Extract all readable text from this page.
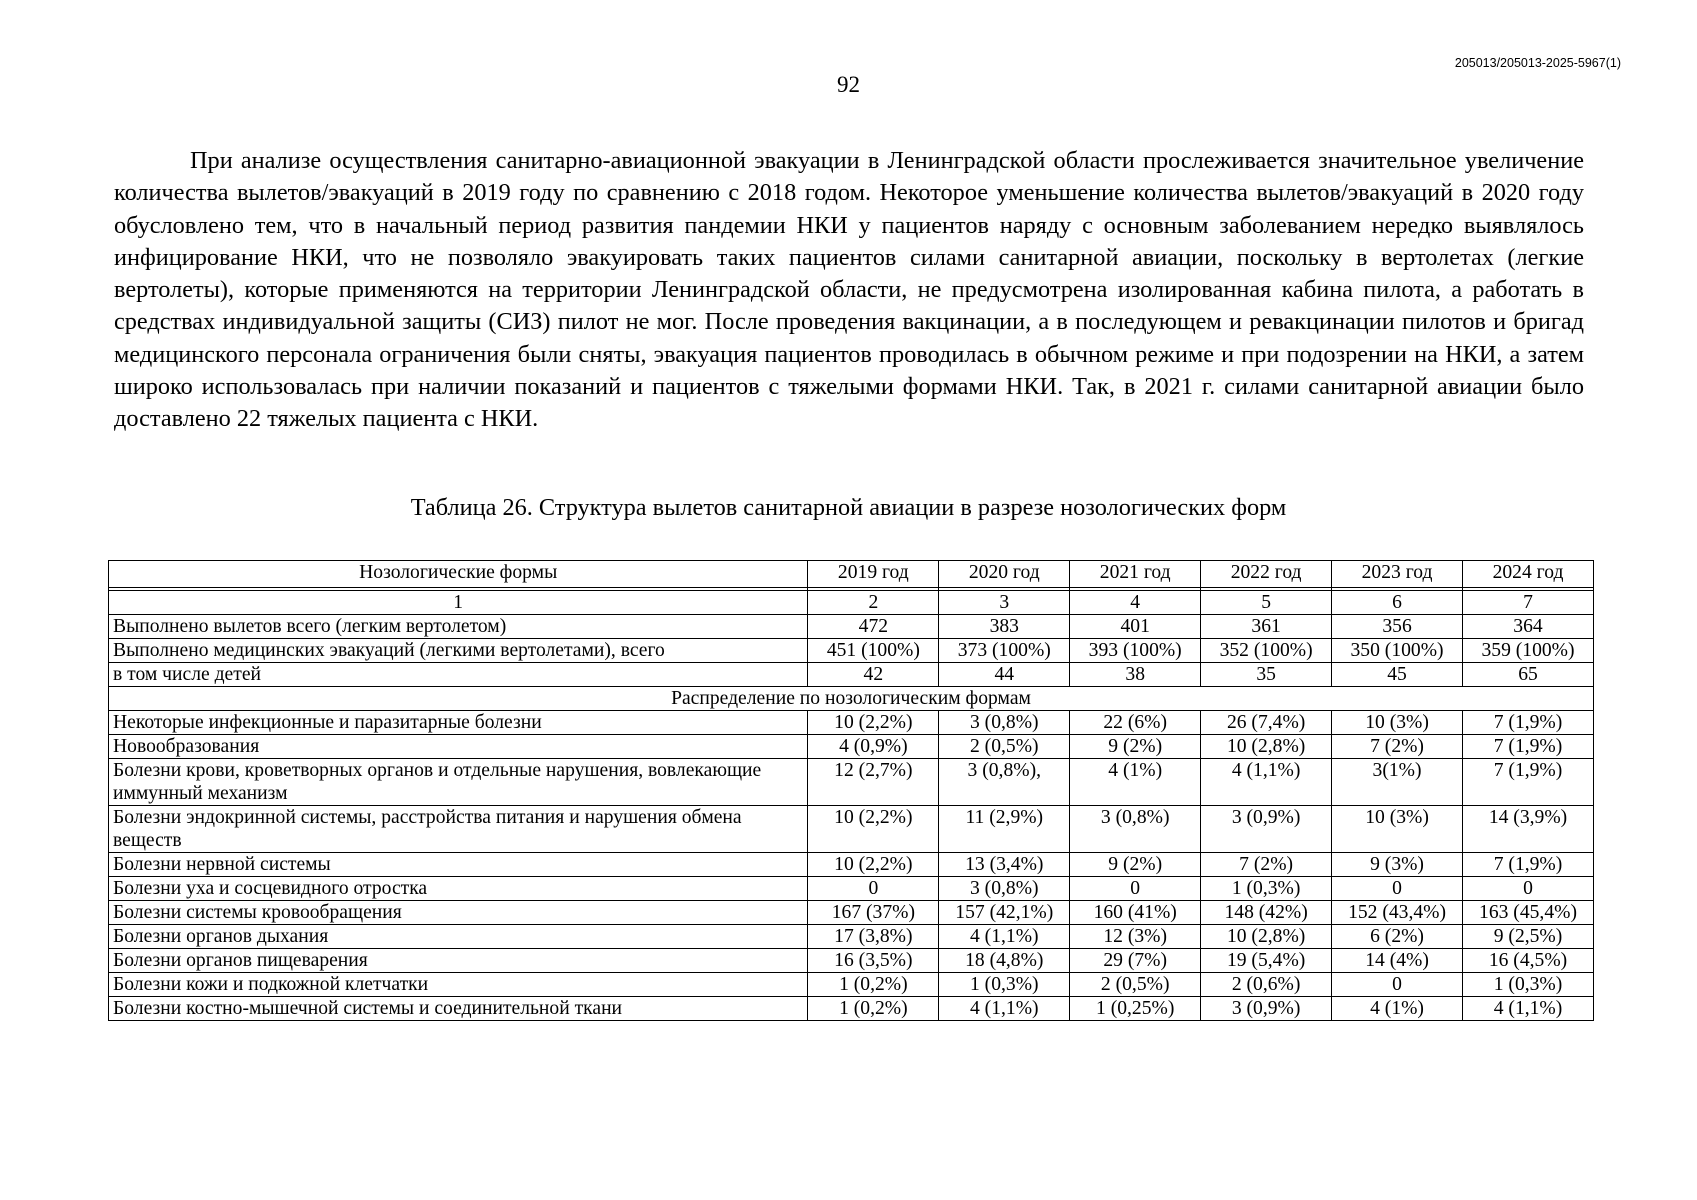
205013/205013-2025-5967(1)
92

При анализе осуществления санитарно-авиационной эвакуации в Ленинградской области прослеживается значительное увеличение количества вылетов/эвакуаций в 2019 году по сравнению с 2018 годом. Некоторое уменьшение количества вылетов/эвакуаций в 2020 году обусловлено тем, что в начальный период развития пандемии НКИ у пациентов наряду с основным заболеванием нередко выявлялось инфицирование НКИ, что не позволяло эвакуировать таких пациентов силами санитарной авиации, поскольку в вертолетах (легкие вертолеты), которые применяются на территории Ленинградской области, не предусмотрена изолированная кабина пилота, а работать в средствах индивидуальной защиты (СИЗ) пилот не мог. После проведения вакцинации, а в последующем и ревакцинации пилотов и бригад медицинского персонала ограничения были сняты, эвакуация пациентов проводилась в обычном режиме и при подозрении на НКИ, а затем широко использовалась при наличии показаний и пациентов с тяжелыми формами НКИ. Так, в 2021 г. силами санитарной авиации было доставлено 22 тяжелых пациента с НКИ.

Таблица 26. Структура вылетов санитарной авиации в разрезе нозологических форм
Нозологические формы	2019 год	2020 год	2021 год	2022 год	2023 год	2024 год

1	2	3	4	5	6	7
Выполнено вылетов всего (легким вертолетом)	472	383	401	361	356	364
Выполнено медицинских эвакуаций (легкими вертолетами), всего	451 (100%)	373 (100%)	393 (100%)	352 (100%)	350 (100%)	359 (100%)
в том числе детей	42	44	38	35	45	65
Распределение по нозологическим формам						
Некоторые инфекционные и паразитарные болезни	10 (2,2%)	3 (0,8%)	22 (6%)	26 (7,4%)	10 (3%)	7 (1,9%)
Новообразования	4 (0,9%)	2 (0,5%)	9 (2%)	10 (2,8%)	7 (2%)	7 (1,9%)
Болезни крови, кроветворных органов и отдельные нарушения, вовлекающие иммунный механизм	12 (2,7%)	3 (0,8%),	4 (1%)	4 (1,1%)	3(1%)	7 (1,9%)
Болезни эндокринной системы, расстройства питания и нарушения обмена веществ	10 (2,2%)	11 (2,9%)	3 (0,8%)	3 (0,9%)	10 (3%)	14 (3,9%)
Болезни нервной системы	10 (2,2%)	13 (3,4%)	9 (2%)	7 (2%)	9 (3%)	7 (1,9%)
Болезни уха и сосцевидного отростка	0	3 (0,8%)	0	1 (0,3%)	0	0
Болезни системы кровообращения	167 (37%)	157 (42,1%)	160 (41%)	148 (42%)	152 (43,4%)	163 (45,4%)
Болезни органов дыхания	17 (3,8%)	4 (1,1%)	12 (3%)	10 (2,8%)	6 (2%)	9 (2,5%)
Болезни органов пищеварения	16 (3,5%)	18 (4,8%)	29 (7%)	19 (5,4%)	14 (4%)	16 (4,5%)
Болезни кожи и подкожной клетчатки	1 (0,2%)	1 (0,3%)	2 (0,5%)	2 (0,6%)	0	1 (0,3%)
Болезни костно-мышечной системы и соединительной ткани	1 (0,2%)	4 (1,1%)	1 (0,25%)	3 (0,9%)	4 (1%)	4 (1,1%)
